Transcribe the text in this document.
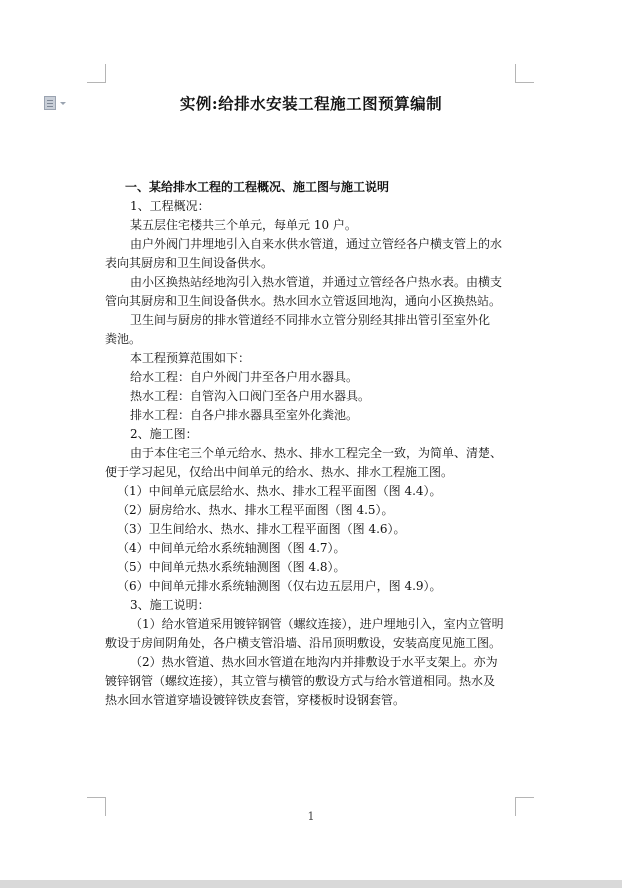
实例:给排水安装工程施工图预算编制
一、某给排水工程的工程概况、施工图与施工说明
1、工程概况：
某五层住宅楼共三个单元，每单元 10 户。
由户外阀门井埋地引入自来水供水管道，通过立管经各户横支管上的水
表向其厨房和卫生间设备供水。
由小区换热站经地沟引入热水管道，并通过立管经各户热水表。由横支
管向其厨房和卫生间设备供水。热水回水立管返回地沟，通向小区换热站。
卫生间与厨房的排水管道经不同排水立管分别经其排出管引至室外化
粪池。
本工程预算范围如下：
给水工程：自户外阀门井至各户用水器具。
热水工程：自管沟入口阀门至各户用水器具。
排水工程：自各户排水器具至室外化粪池。
2、施工图：
由于本住宅三个单元给水、热水、排水工程完全一致，为简单、清楚、
便于学习起见，仅给出中间单元的给水、热水、排水工程施工图。
（1）中间单元底层给水、热水、排水工程平面图（图 4.4）。
（2）厨房给水、热水、排水工程平面图（图 4.5）。
（3）卫生间给水、热水、排水工程平面图（图 4.6）。
（4）中间单元给水系统轴测图（图 4.7）。
（5）中间单元热水系统轴测图（图 4.8）。
（6）中间单元排水系统轴测图（仅右边五层用户，图 4.9）。
3、施工说明：
（1）给水管道采用镀锌钢管（螺纹连接），进户埋地引入，室内立管明
敷设于房间阴角处，各户横支管沿墙、沿吊顶明敷设，安装高度见施工图。
（2）热水管道、热水回水管道在地沟内并排敷设于水平支架上。亦为
镀锌钢管（螺纹连接），其立管与横管的敷设方式与给水管道相同。热水及
热水回水管道穿墙设镀锌铁皮套管，穿楼板时设钢套管。
1
